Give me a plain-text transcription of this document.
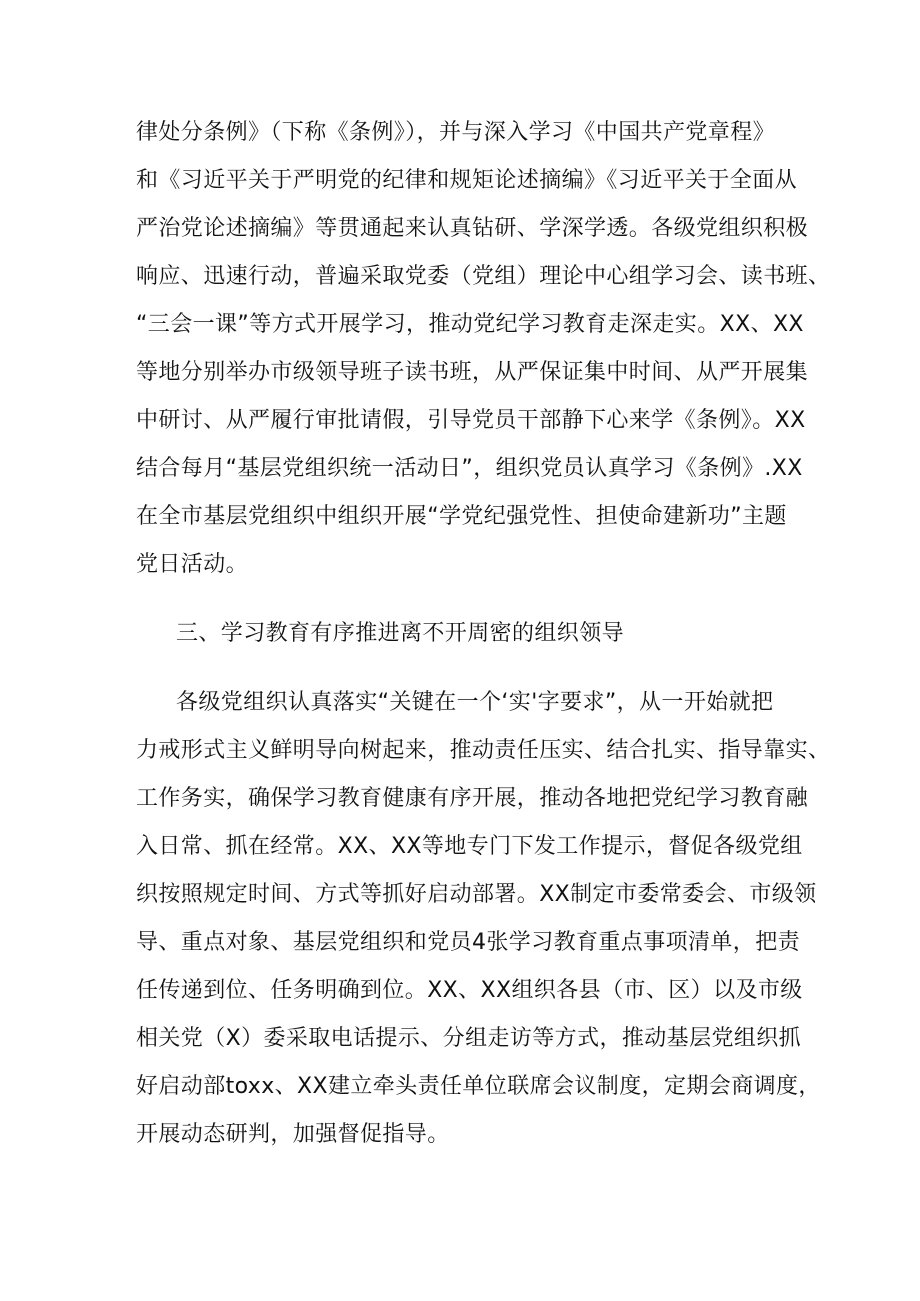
律处分条例》（下称《条例》），并与深入学习《中国共产党章程》
和《习近平关于严明党的纪律和规矩论述摘编》《习近平关于全面从
严治党论述摘编》等贯通起来认真钻研、学深学透。各级党组织积极
响应、迅速行动，普遍采取党委（党组）理论中心组学习会、读书班、
“三会一课”等方式开展学习，推动党纪学习教育走深走实。XX、XX
等地分别举办市级领导班子读书班，从严保证集中时间、从严开展集
中研讨、从严履行审批请假，引导党员干部静下心来学《条例》。XX
结合每月“基层党组织统一活动日”，组织党员认真学习《条例》.XX
在全市基层党组织中组织开展“学党纪强党性、担使命建新功”主题
党日活动。
三、学习教育有序推进离不开周密的组织领导
各级党组织认真落实“关键在一个‘实'字要求”，从一开始就把
力戒形式主义鲜明导向树起来，推动责任压实、结合扎实、指导靠实、
工作务实，确保学习教育健康有序开展，推动各地把党纪学习教育融
入日常、抓在经常。XX、XX等地专门下发工作提示，督促各级党组
织按照规定时间、方式等抓好启动部署。XX制定市委常委会、市级领
导、重点对象、基层党组织和党员4张学习教育重点事项清单，把责
任传递到位、任务明确到位。XX、XX组织各县（市、区）以及市级
相关党（X）委采取电话提示、分组走访等方式，推动基层党组织抓
好启动部toxx、XX建立牵头责任单位联席会议制度，定期会商调度，
开展动态研判，加强督促指导。
